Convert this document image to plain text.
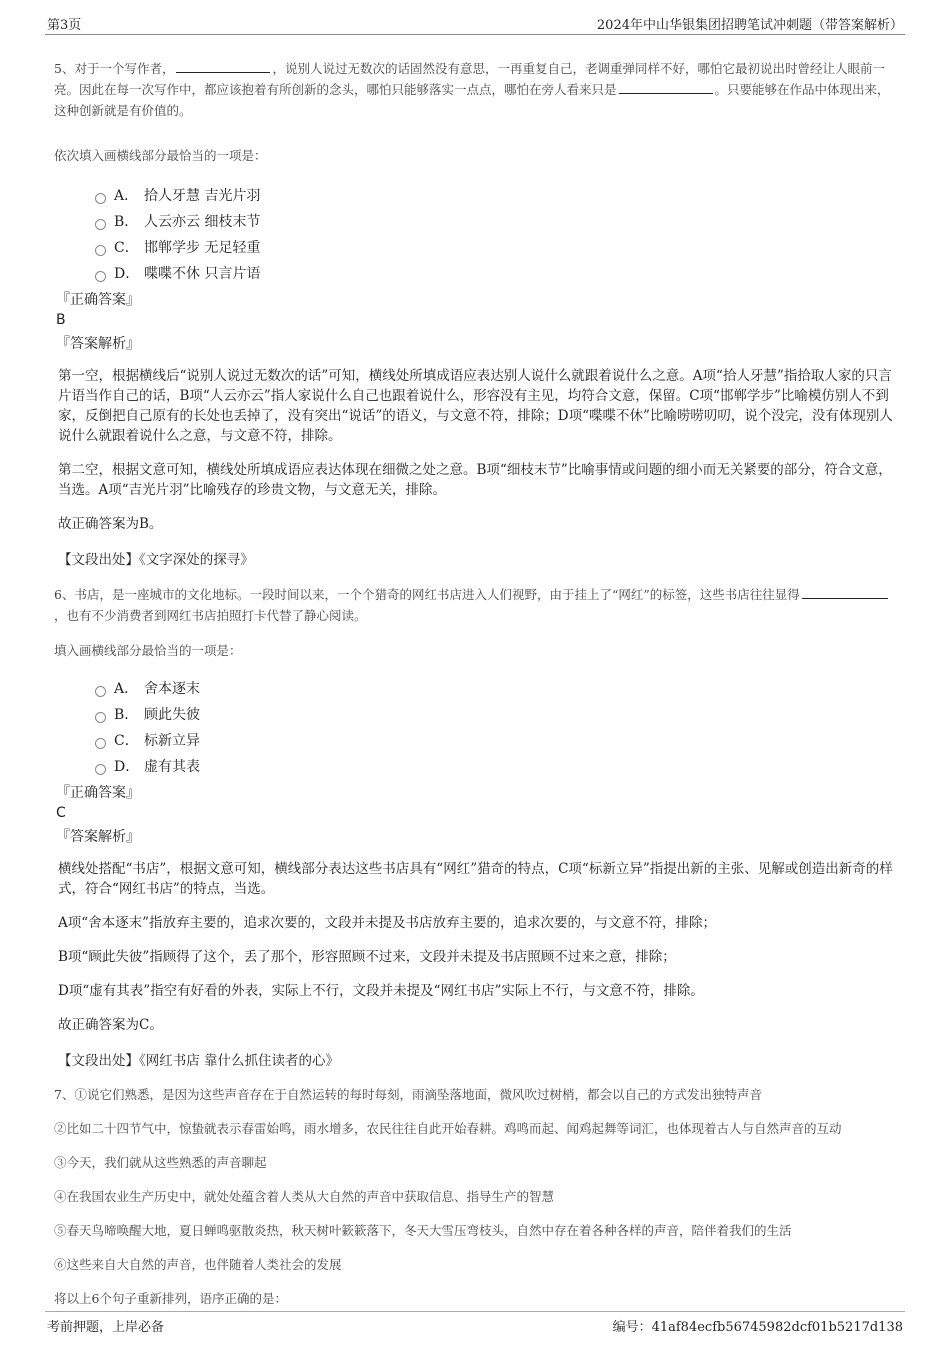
第3页	2024年中山华银集团招聘笔试冲刺题（带答案解析）

5、对于一个写作者，	，说别人说过无数次的话固然没有意思，一再重复自己，老调重弹同样不好，哪怕它最初说出时曾经让人眼前一亮。因此在每一次写作中，都应该抱着有所创新的念头，哪怕只能够落实一点点，哪怕在旁人看来只是	。只要能够在作品中体现出来，这种创新就是有价值的。

依次填入画横线部分最恰当的一项是：

A． 拾人牙慧 吉光片羽
B． 人云亦云 细枝末节
C． 邯郸学步 无足轻重
D． 喋喋不休 只言片语
『正确答案』
B
『答案解析』

第一空，根据横线后“说别人说过无数次的话”可知，横线处所填成语应表达别人说什么就跟着说什么之意。A项“拾人牙慧”指拾取人家的只言片语当作自己的话，B项“人云亦云”指人家说什么自己也跟着说什么，形容没有主见，均符合文意，保留。C项“邯郸学步”比喻模仿别人不到家，反倒把自己原有的长处也丢掉了，没有突出“说话”的语义，与文意不符，排除；D项“喋喋不休”比喻唠唠叨叨，说个没完，没有体现别人说什么就跟着说什么之意，与文意不符，排除。

第二空，根据文意可知，横线处所填成语应表达体现在细微之处之意。B项“细枝末节”比喻事情或问题的细小而无关紧要的部分，符合文意，当选。A项“吉光片羽”比喻残存的珍贵文物，与文意无关，排除。

故正确答案为B。

【文段出处】《文字深处的探寻》

6、书店，是一座城市的文化地标。一段时间以来，一个个猎奇的网红书店进入人们视野，由于挂上了“网红”的标签，这些书店往往显得，也有不少消费者到网红书店拍照打卡代替了静心阅读。

填入画横线部分最恰当的一项是：

A． 舍本逐末
B． 顾此失彼
C． 标新立异
D． 虚有其表
『正确答案』
C
『答案解析』

横线处搭配“书店”，根据文意可知，横线部分表达这些书店具有“网红”猎奇的特点，C项“标新立异”指提出新的主张、见解或创造出新奇的样式，符合“网红书店”的特点，当选。

A项“舍本逐末”指放弃主要的，追求次要的，文段并未提及书店放弃主要的，追求次要的，与文意不符，排除；

B项“顾此失彼”指顾得了这个，丢了那个，形容照顾不过来，文段并未提及书店照顾不过来之意，排除；

D项“虚有其表”指空有好看的外表，实际上不行，文段并未提及“网红书店”实际上不行，与文意不符，排除。

故正确答案为C。

【文段出处】《网红书店 靠什么抓住读者的心》

7、①说它们熟悉，是因为这些声音存在于自然运转的每时每刻，雨滴坠落地面，微风吹过树梢，都会以自己的方式发出独特声音

②比如二十四节气中，惊蛰就表示春雷始鸣，雨水增多，农民往往自此开始春耕。鸡鸣而起、闻鸡起舞等词汇，也体现着古人与自然声音的互动

③今天，我们就从这些熟悉的声音聊起

④在我国农业生产历史中，就处处蕴含着人类从大自然的声音中获取信息、指导生产的智慧

⑤春天鸟啼唤醒大地，夏日蝉鸣驱散炎热，秋天树叶簌簌落下，冬天大雪压弯枝头，自然中存在着各种各样的声音，陪伴着我们的生活

⑥这些来自大自然的声音，也伴随着人类社会的发展

将以上6个句子重新排列，语序正确的是：

考前押题，上岸必备	编号：41af84ecfb56745982dcf01b5217d138
